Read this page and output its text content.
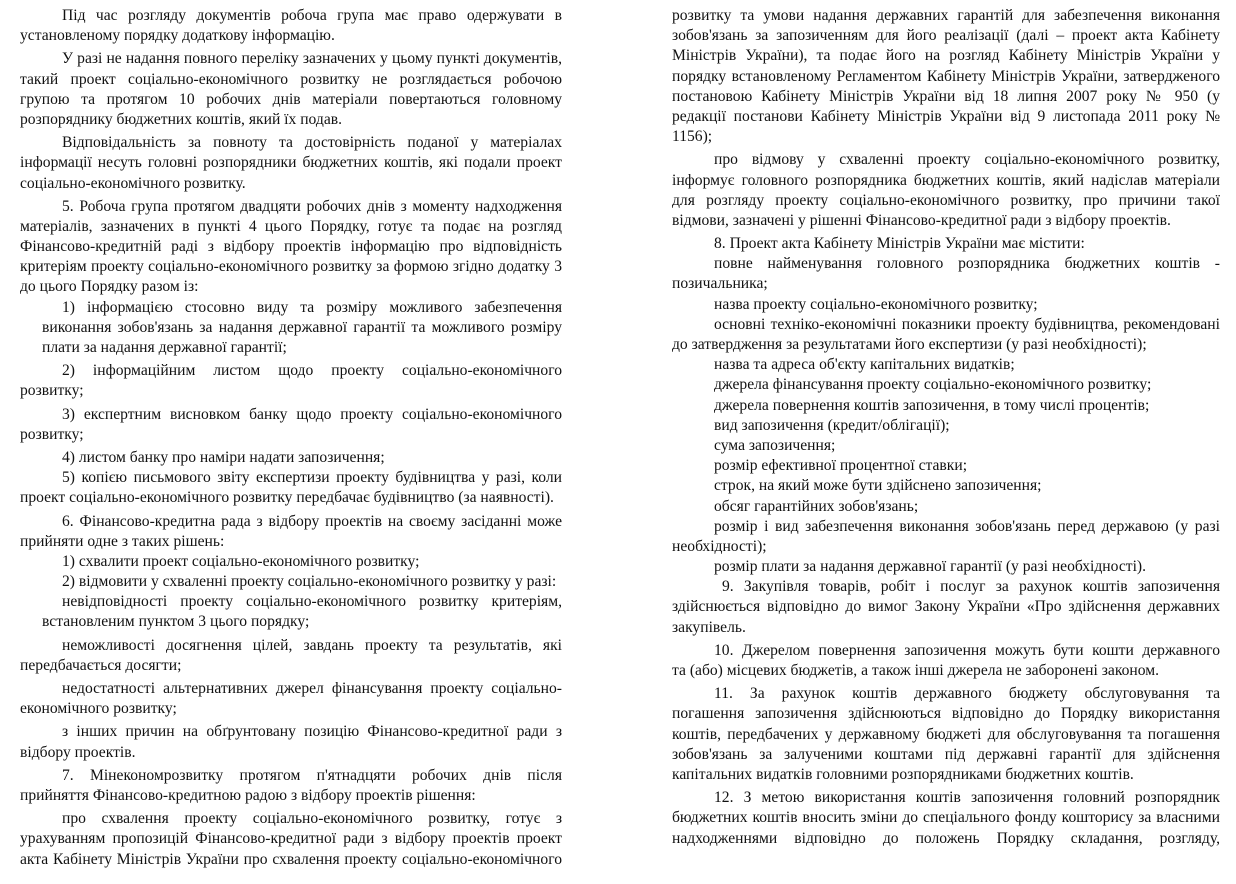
Під час розгляду документів робоча група має право одержувати в
установленому порядку додаткову інформацію.
У разі не надання повного переліку зазначених у цьому пункті документів,
такий проект соціально-економічного розвитку не розглядається робочою
групою та протягом 10 робочих днів матеріали повертаються головному
розпоряднику бюджетних коштів, який їх подав.
Відповідальність за повноту та достовірність поданої у матеріалах
інформації несуть головні розпорядники бюджетних коштів, які подали проект
соціально-економічного розвитку.
5. Робоча група протягом двадцяти робочих днів з моменту надходження
матеріалів, зазначених в пункті 4 цього Порядку, готує та подає на розгляд
Фінансово-кредитній раді з відбору проектів інформацію про відповідність
критеріям проекту соціально-економічного розвитку за формою згідно додатку 3
до цього Порядку разом із:
1) інформацією стосовно виду та розміру можливого забезпечення
виконання зобов'язань за надання державної гарантії та можливого розміру
плати за надання державної гарантії;
2) інформаційним листом щодо проекту соціально-економічного
розвитку;
3) експертним висновком банку щодо проекту соціально-економічного
розвитку;
4) листом банку про наміри надати запозичення;
5) копією письмового звіту експертизи проекту будівництва у разі, коли
проект соціально-економічного розвитку передбачає будівництво (за наявності).
6. Фінансово-кредитна рада з відбору проектів на своєму засіданні може
прийняти одне з таких рішень:
1) схвалити проект соціально-економічного розвитку;
2) відмовити у схваленні проекту соціально-економічного розвитку у разі:
невідповідності проекту соціально-економічного розвитку критеріям,
встановленим пунктом 3 цього порядку;
неможливості досягнення цілей, завдань проекту та результатів, які
передбачається досягти;
недостатності альтернативних джерел фінансування проекту соціально-
економічного розвитку;
з інших причин на обґрунтовану позицію Фінансово-кредитної ради з
відбору проектів.
7. Мінекономрозвитку протягом п'ятнадцяти робочих днів після
прийняття Фінансово-кредитною радою з відбору проектів рішення:
про схвалення проекту соціально-економічного розвитку, готує з
урахуванням пропозицій Фінансово-кредитної ради з відбору проектів проект
акта Кабінету Міністрів України про схвалення проекту соціально-економічного
розвитку та умови надання державних гарантій для забезпечення виконання
зобов'язань за запозиченням для його реалізації (далі – проект акта Кабінету
Міністрів України), та подає його на розгляд Кабінету Міністрів України у
порядку встановленому Регламентом Кабінету Міністрів України, затвердженого
постановою Кабінету Міністрів України від 18 липня 2007 року № 950 (у
редакції постанови Кабінету Міністрів України від 9 листопада 2011 року №
1156);
про відмову у схваленні проекту соціально-економічного розвитку,
інформує головного розпорядника бюджетних коштів, який надіслав матеріали
для розгляду проекту соціально-економічного розвитку, про причини такої
відмови, зазначені у рішенні Фінансово-кредитної ради з відбору проектів.
8. Проект акта Кабінету Міністрів України має містити:
повне найменування головного розпорядника бюджетних коштів -
позичальника;
назва проекту соціально-економічного розвитку;
основні техніко-економічні показники проекту будівництва, рекомендовані
до затвердження за результатами його експертизи (у разі необхідності);
назва та адреса об'єкту капітальних видатків;
джерела фінансування проекту соціально-економічного розвитку;
джерела повернення коштів запозичення, в тому числі процентів;
вид запозичення (кредит/облігації);
сума запозичення;
розмір ефективної процентної ставки;
строк, на який може бути здійснено запозичення;
обсяг гарантійних зобов'язань;
розмір і вид забезпечення виконання зобов'язань перед державою (у разі
необхідності);
розмір плати за надання державної гарантії (у разі необхідності).
9. Закупівля товарів, робіт і послуг за рахунок коштів запозичення
здійснюється відповідно до вимог Закону України «Про здійснення державних
закупівель.
10. Джерелом повернення запозичення можуть бути кошти державного
та (або) місцевих бюджетів, а також інші джерела не заборонені законом.
11. За рахунок коштів державного бюджету обслуговування та
погашення запозичення здійснюються відповідно до Порядку використання
коштів, передбачених у державному бюджеті для обслуговування та погашення
зобов'язань за залученими коштами під державні гарантії для здійснення
капітальних видатків головними розпорядниками бюджетних коштів.
12. З метою використання коштів запозичення головний розпорядник
бюджетних коштів вносить зміни до спеціального фонду кошторису за власними
надходженнями відповідно до положень Порядку складання, розгляду,
